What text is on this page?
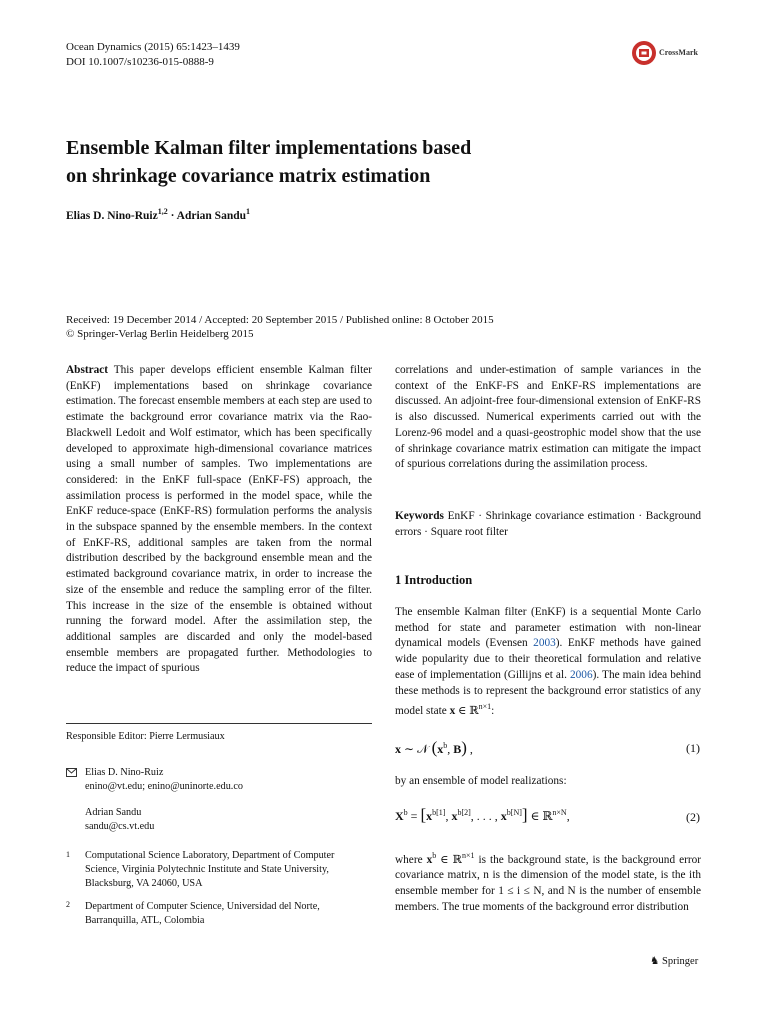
Ocean Dynamics (2015) 65:1423–1439
DOI 10.1007/s10236-015-0888-9
CrossMark
Ensemble Kalman filter implementations based
on shrinkage covariance matrix estimation
Elias D. Nino-Ruiz$^{1,2}$ · Adrian Sandu$^1$
Received: 19 December 2014 / Accepted: 20 September 2015 / Published online: 8 October 2015
© Springer-Verlag Berlin Heidelberg 2015

Abstract This paper develops efficient ensemble Kalman filter (EnKF) implementations based on shrinkage covariance estimation. The forecast ensemble members at each step are used to estimate the background error covariance matrix via the Rao-Blackwell Ledoit and Wolf estimator, which has been specifically developed to approximate high-dimensional covariance matrices using a small number of samples. Two implementations are considered: in the EnKF full-space (EnKF-FS) approach, the assimilation process is performed in the model space, while the EnKF reduce-space (EnKF-RS) formulation performs the analysis in the subspace spanned by the ensemble members. In the context of EnKF-RS, additional samples are taken from the normal distribution described by the background ensemble mean and the estimated background covariance matrix, in order to increase the size of the ensemble and reduce the sampling error of the filter. This increase in the size of the ensemble is obtained without running the forward model. After the assimilation step, the additional samples are discarded and only the model-based ensemble members are propagated further. Methodologies to reduce the impact of spurious

Responsible Editor: Pierre Lermusiaux
Elias D. Nino-Ruiz
enino@vt.edu; enino@uninorte.edu.co
Adrian Sandu
sandu@cs.vt.edu
1 Computational Science Laboratory, Department of Computer
Science, Virginia Polytechnic Institute and State University,
Blacksburg, VA 24060, USA
2 Department of Computer Science, Universidad del Norte,
Barranquilla, ATL, Colombia
correlations and under-estimation of sample variances in the context of the EnKF-FS and EnKF-RS implementations are discussed. An adjoint-free four-dimensional extension of EnKF-RS is also discussed. Numerical experiments carried out with the Lorenz-96 model and a quasi-geostrophic model show that the use of shrinkage covariance matrix estimation can mitigate the impact of spurious correlations during the assimilation process.

Keywords EnKF · Shrinkage covariance estimation · Background errors · Square root filter

1 Introduction

The ensemble Kalman filter (EnKF) is a sequential Monte Carlo method for state and parameter estimation with non-linear dynamical models (Evensen 2003). EnKF methods have gained wide popularity due to their theoretical formulation and relative ease of implementation (Gillijns et al. 2006). The main idea behind these methods is to represent the background error statistics of any model state x ∈ ℝ$^{n\times 1}$:

x ∼ 𝒩 ($x^b$, B) ,	(1)
by an ensemble of model realizations:
$X^b = [x^{b[1]}$, $x^{b[2]}$, . . . , $x^{b[N]}$] ∈ ℝ$^{n\times N}$,	(2)

where $x^b$ ∈ ℝ$^{n\times 1}$ is the background state, is the background error covariance matrix, n is the dimension of the model state, is the ith ensemble member for 1 ≤ i ≤ N, and N is the number of ensemble members. The true moments of the background error distribution

♞ Springer
